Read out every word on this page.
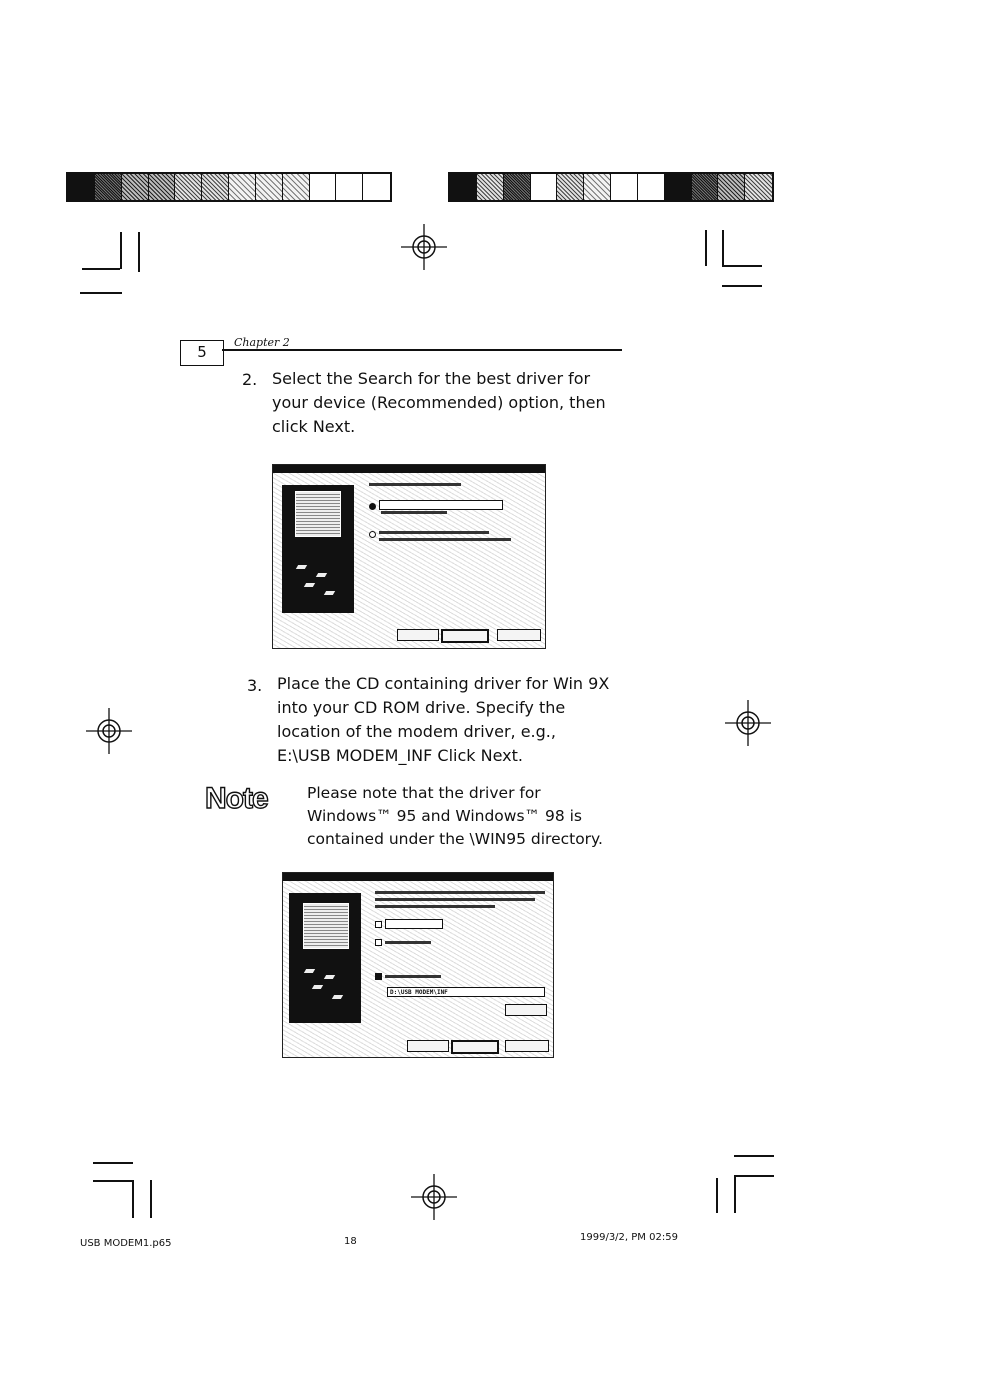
5
Chapter 2
2. Select the Search for the best driver for
your device (Recommended) option, then
click Next.
3. Place the CD containing driver for Win 9X
into your CD ROM drive. Specify the
location of the modem driver, e.g.,
E:\USB MODEM_INF Click Next.
Note	Please note that the driver for
Windows™ 95 and Windows™ 98 is
contained under the \WIN95 directory.
D:\USB MODEM\INF
USB MODEM1.p65	18	1999/3/2, PM 02:59
